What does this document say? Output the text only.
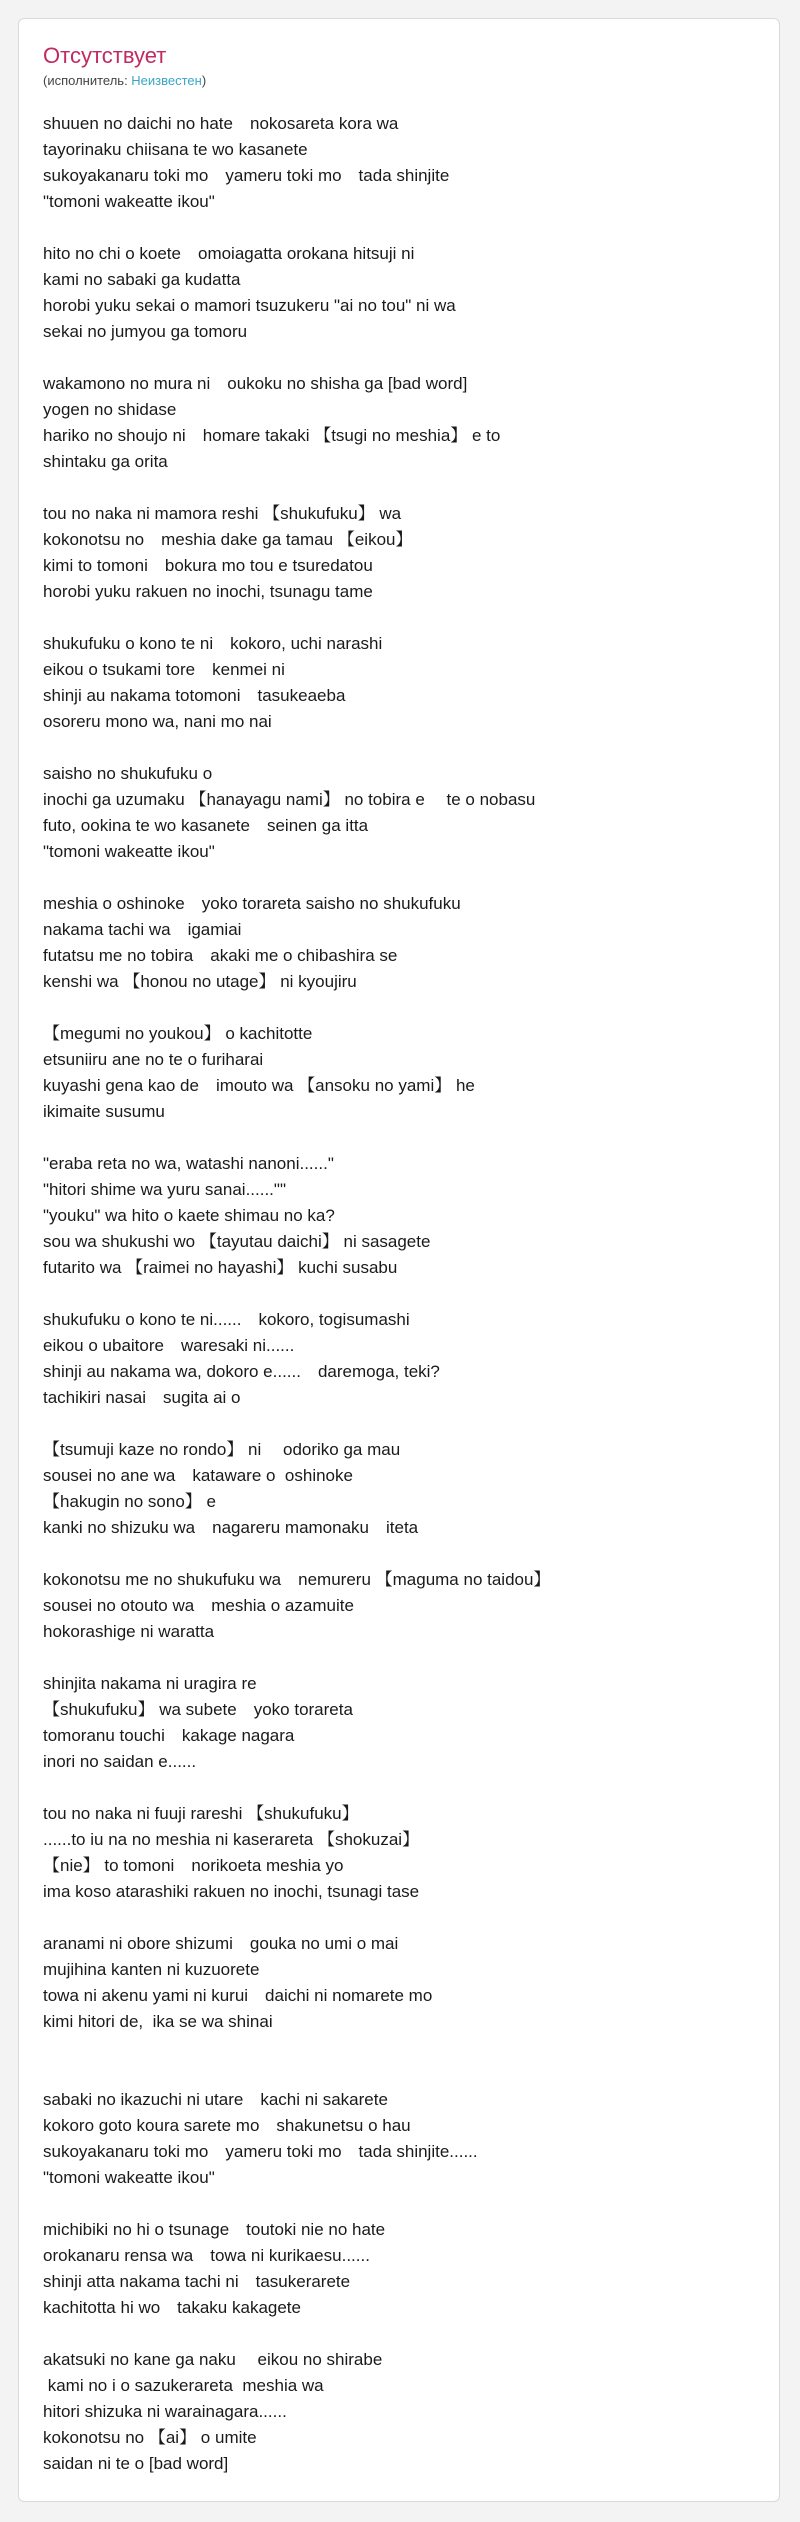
Отсутствует
(исполнитель: Неизвестен)
shuuen no daichi no hate　nokosareta kora wa
tayorinaku chiisana te wo kasanete
sukoyakanaru toki mo　yameru toki mo　tada shinjite
"tomoni wakeatte ikou"
hito no chi o koete　omoiagatta orokana hitsuji ni
kami no sabaki ga kudatta
horobi yuku sekai o mamori tsuzukeru "ai no tou" ni wa
sekai no jumyou ga tomoru
wakamono no mura ni　oukoku no shisha ga [bad word]
yogen no shidase
hariko no shoujo ni　homare takaki 【tsugi no meshia】 e to
shintaku ga orita
tou no naka ni mamora reshi 【shukufuku】 wa
kokonotsu no　meshia dake ga tamau 【eikou】
kimi to tomoni　bokura mo tou e tsuredatou
horobi yuku rakuen no inochi, tsunagu tame
shukufuku o kono te ni　kokoro, uchi narashi
eikou o tsukami tore　kenmei ni
shinji au nakama totomoni　tasukeaeba
osoreru mono wa, nani mo nai
saisho no shukufuku o
inochi ga uzumaku 【hanayagu nami】 no tobira e　 te o nobasu
futo, ookina te wo kasanete　seinen ga itta
"tomoni wakeatte ikou"
meshia o oshinoke　yoko torareta saisho no shukufuku
nakama tachi wa　igamiai
futatsu me no tobira　akaki me o chibashira se
kenshi wa 【honou no utage】 ni kyoujiru
【megumi no youkou】 o kachitotte
etsuniiru ane no te o furiharai
kuyashi gena kao de　imouto wa 【ansoku no yami】 he
ikimaite susumu
"eraba reta no wa, watashi nanoni......"
"hitori shime wa yuru sanai......""
"youku" wa hito o kaete shimau no ka?
sou wa shukushi wo 【tayutau daichi】 ni sasagete
futarito wa 【raimei no hayashi】 kuchi susabu
shukufuku o kono te ni......　kokoro, togisumashi
eikou o ubaitore　waresaki ni......
shinji au nakama wa, dokoro e......　daremoga, teki?
tachikiri nasai　sugita ai o
【tsumuji kaze no rondo】 ni　 odoriko ga mau
sousei no ane wa　kataware o  oshinoke
【hakugin no sono】 e
kanki no shizuku wa　nagareru mamonaku　iteta
kokonotsu me no shukufuku wa　nemureru 【maguma no taidou】
sousei no otouto wa　meshia o azamuite
hokorashige ni waratta
shinjita nakama ni uragira re
【shukufuku】 wa subete　yoko toraretа
tomoranu touchi　kakage nagara
inori no saidan e......
tou no naka ni fuuji rareshi 【shukufuku】
......to iu na no meshia ni kaserareta 【shokuzai】
【nie】 to tomoni　norikoeta meshia yo
ima koso atarashiki rakuen no inochi, tsunagi tase
aranami ni obore shizumi　gouka no umi o mai
mujihina kanten ni kuzuorete
towa ni akenu yami ni kurui　daichi ni nomarete mo
kimi hitori de,  ika se wa shinai
sabaki no ikazuchi ni utare　kachi ni sakarete
kokoro goto koura sarete mo　shakunetsu o hau
sukoyakanaru toki mo　yameru toki mo　tada shinjite......
"tomoni wakeatte ikou"
michibiki no hi o tsunage　toutoki nie no hate
orokanaru rensa wa　towa ni kurikaesu......
shinji atta nakama tachi ni　tasukerarete
kachitotta hi wo　takaku kakagete
akatsuki no kane ga naku　 eikou no shirabe
kami no i o sazukerareta  meshia wa
hitori shizuka ni warainagara......
kokonotsu no 【ai】 o umite
saidan ni te o [bad word]
